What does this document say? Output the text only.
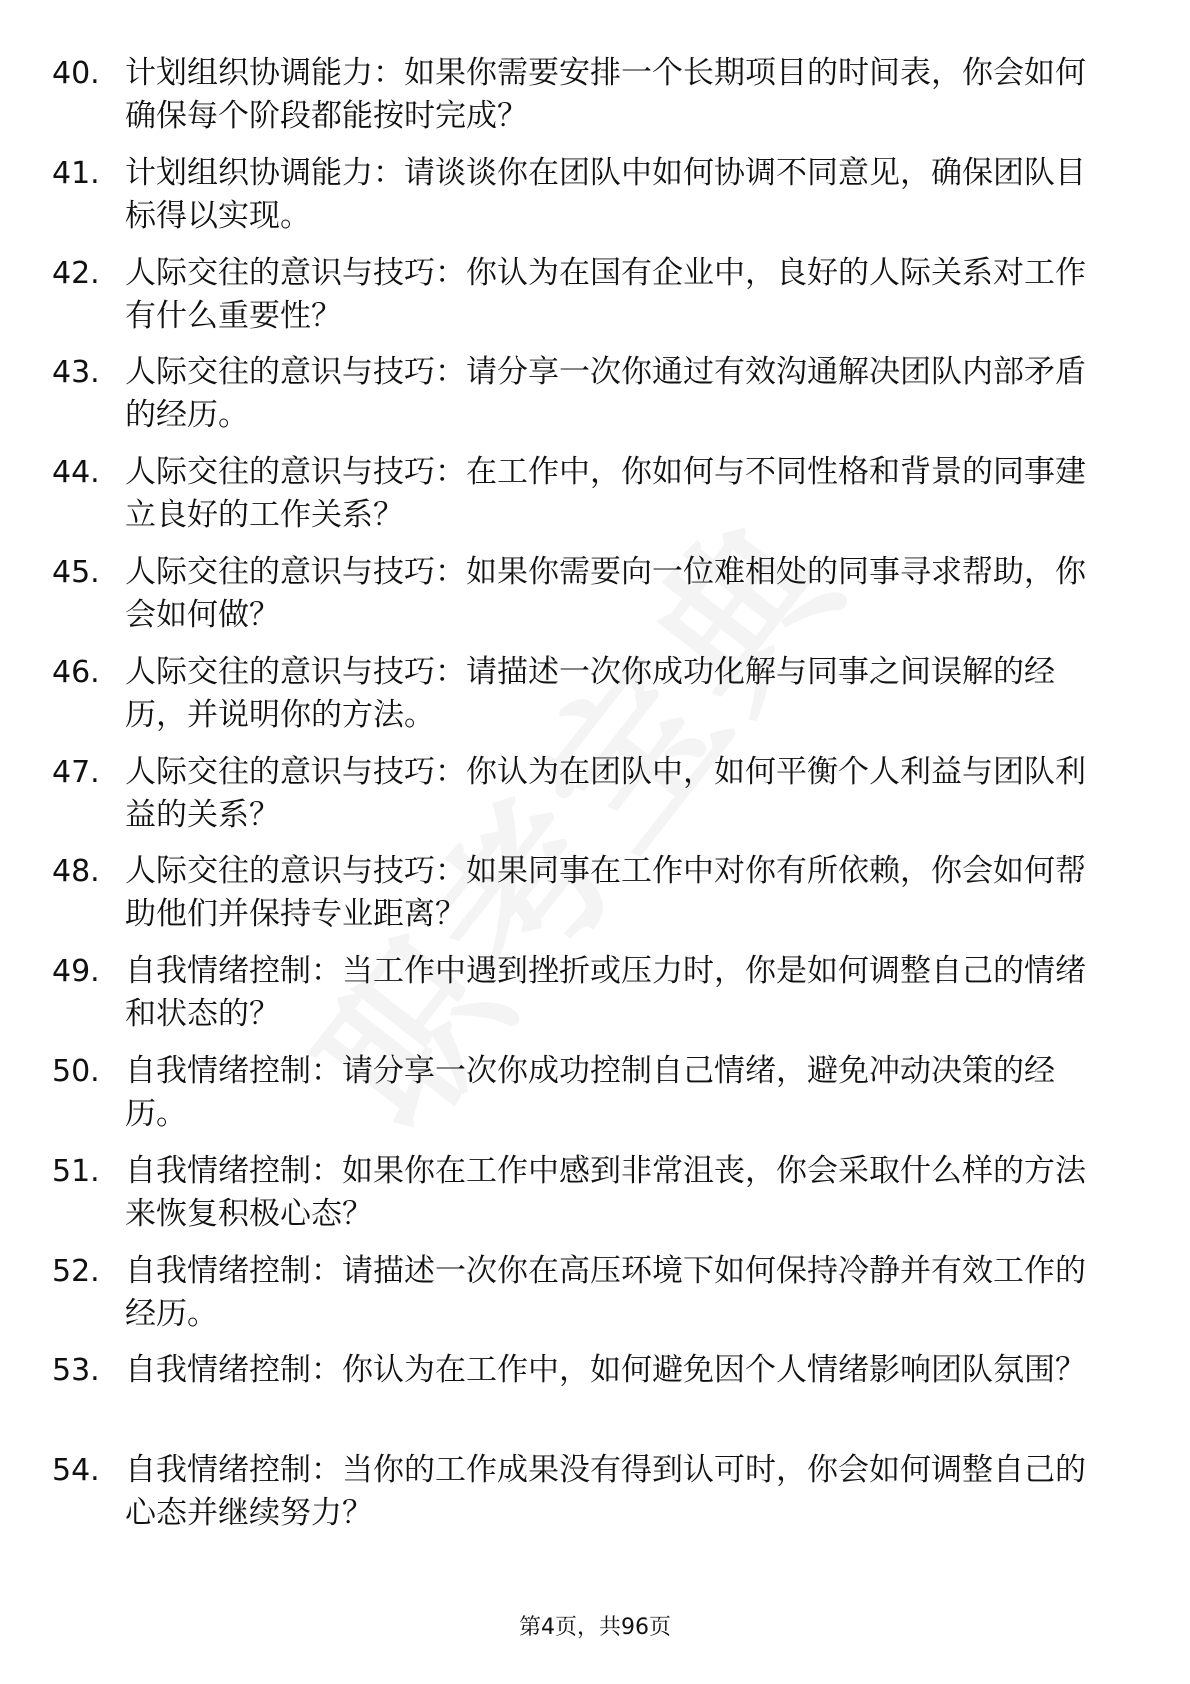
40. 计划组织协调能力：如果你需要安排一个长期项目的时间表，你会如何确保每个阶段都能按时完成？
41. 计划组织协调能力：请谈谈你在团队中如何协调不同意见，确保团队目标得以实现。
42. 人际交往的意识与技巧：你认为在国有企业中，良好的人际关系对工作有什么重要性？
43. 人际交往的意识与技巧：请分享一次你通过有效沟通解决团队内部矛盾的经历。
44. 人际交往的意识与技巧：在工作中，你如何与不同性格和背景的同事建立良好的工作关系？
45. 人际交往的意识与技巧：如果你需要向一位难相处的同事寻求帮助，你会如何做？
46. 人际交往的意识与技巧：请描述一次你成功化解与同事之间误解的经历，并说明你的方法。
47. 人际交往的意识与技巧：你认为在团队中，如何平衡个人利益与团队利益的关系？
48. 人际交往的意识与技巧：如果同事在工作中对你有所依赖，你会如何帮助他们并保持专业距离？
49. 自我情绪控制：当工作中遇到挫折或压力时，你是如何调整自己的情绪和状态的？
50. 自我情绪控制：请分享一次你成功控制自己情绪，避免冲动决策的经历。
51. 自我情绪控制：如果你在工作中感到非常沮丧，你会采取什么样的方法来恢复积极心态？
52. 自我情绪控制：请描述一次你在高压环境下如何保持冷静并有效工作的经历。
53. 自我情绪控制：你认为在工作中，如何避免因个人情绪影响团队氛围？
54. 自我情绪控制：当你的工作成果没有得到认可时，你会如何调整自己的心态并继续努力？
第4页，共96页
